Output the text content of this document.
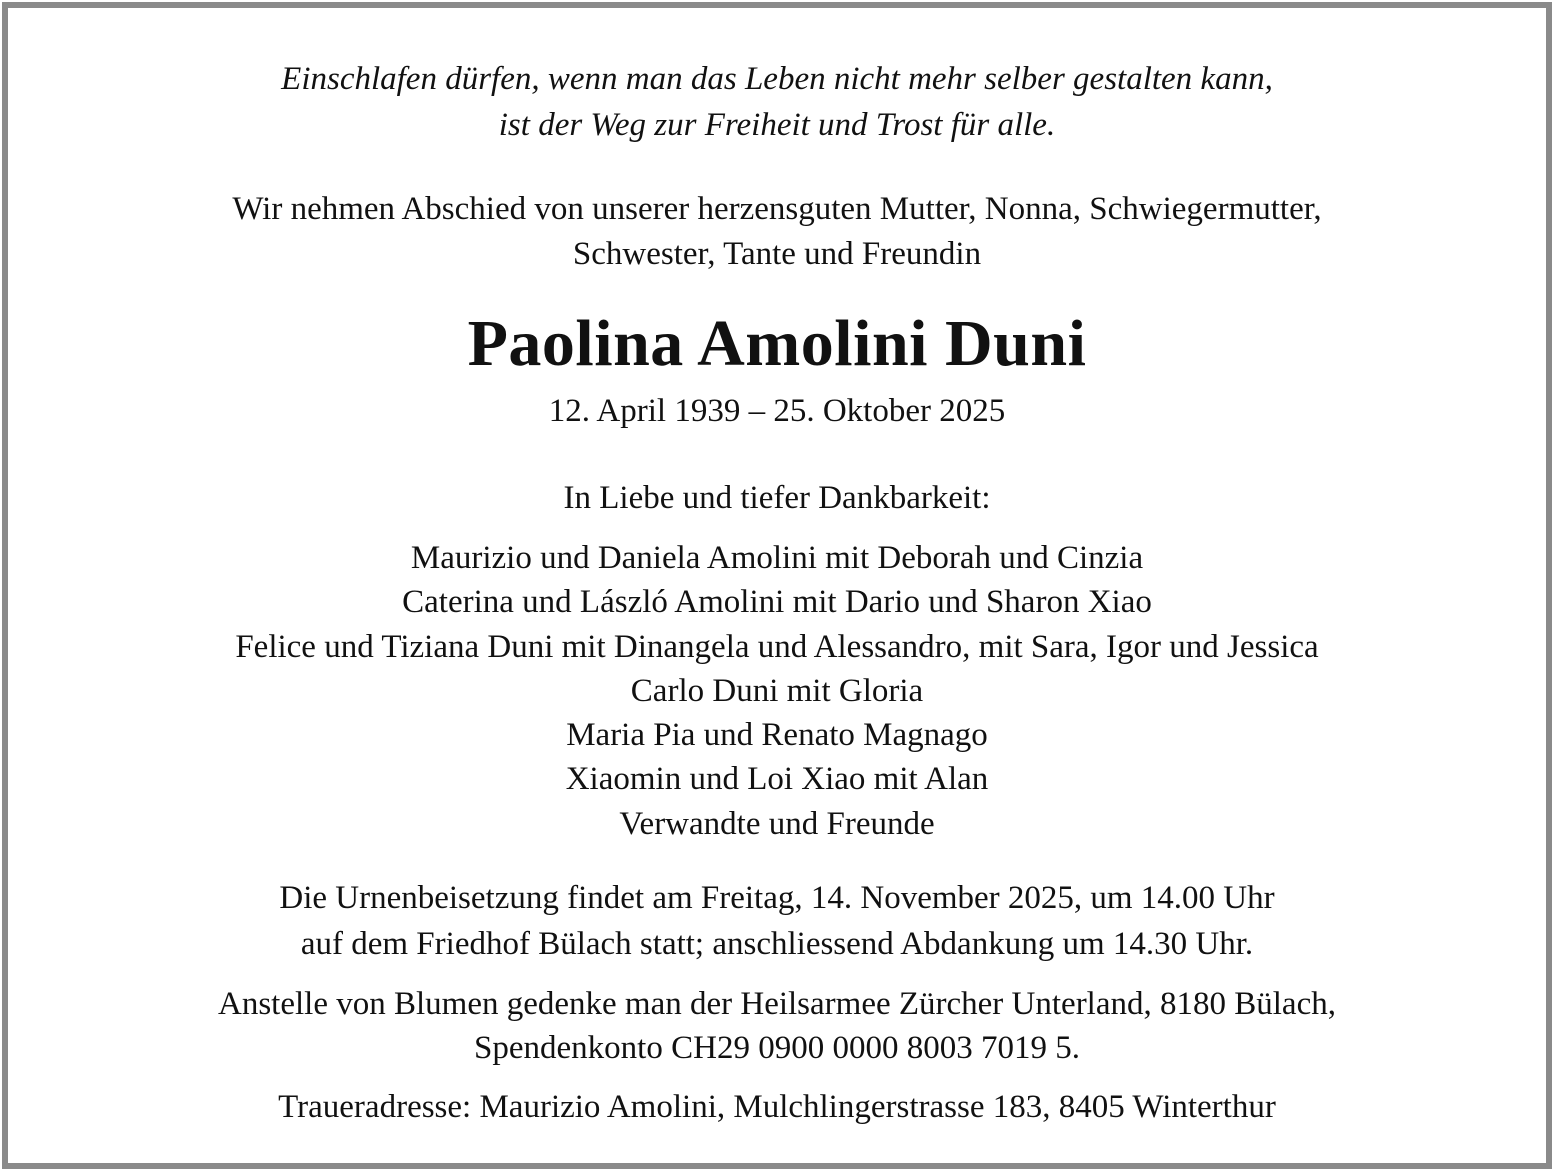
Einschlafen dürfen, wenn man das Leben nicht mehr selber gestalten kann,
ist der Weg zur Freiheit und Trost für alle.
Wir nehmen Abschied von unserer herzensguten Mutter, Nonna, Schwiegermutter,
Schwester, Tante und Freundin
Paolina Amolini Duni
12. April 1939 – 25. Oktober 2025
In Liebe und tiefer Dankbarkeit:
Maurizio und Daniela Amolini mit Deborah und Cinzia
Caterina und László Amolini mit Dario und Sharon Xiao
Felice und Tiziana Duni mit Dinangela und Alessandro, mit Sara, Igor und Jessica
Carlo Duni mit Gloria
Maria Pia und Renato Magnago
Xiaomin und Loi Xiao mit Alan
Verwandte und Freunde
Die Urnenbeisetzung findet am Freitag, 14. November 2025, um 14.00 Uhr
auf dem Friedhof Bülach statt; anschliessend Abdankung um 14.30 Uhr.
Anstelle von Blumen gedenke man der Heilsarmee Zürcher Unterland, 8180 Bülach,
Spendenkonto CH29 0900 0000 8003 7019 5.
Traueradresse: Maurizio Amolini, Mulchlingerstrasse 183, 8405 Winterthur
